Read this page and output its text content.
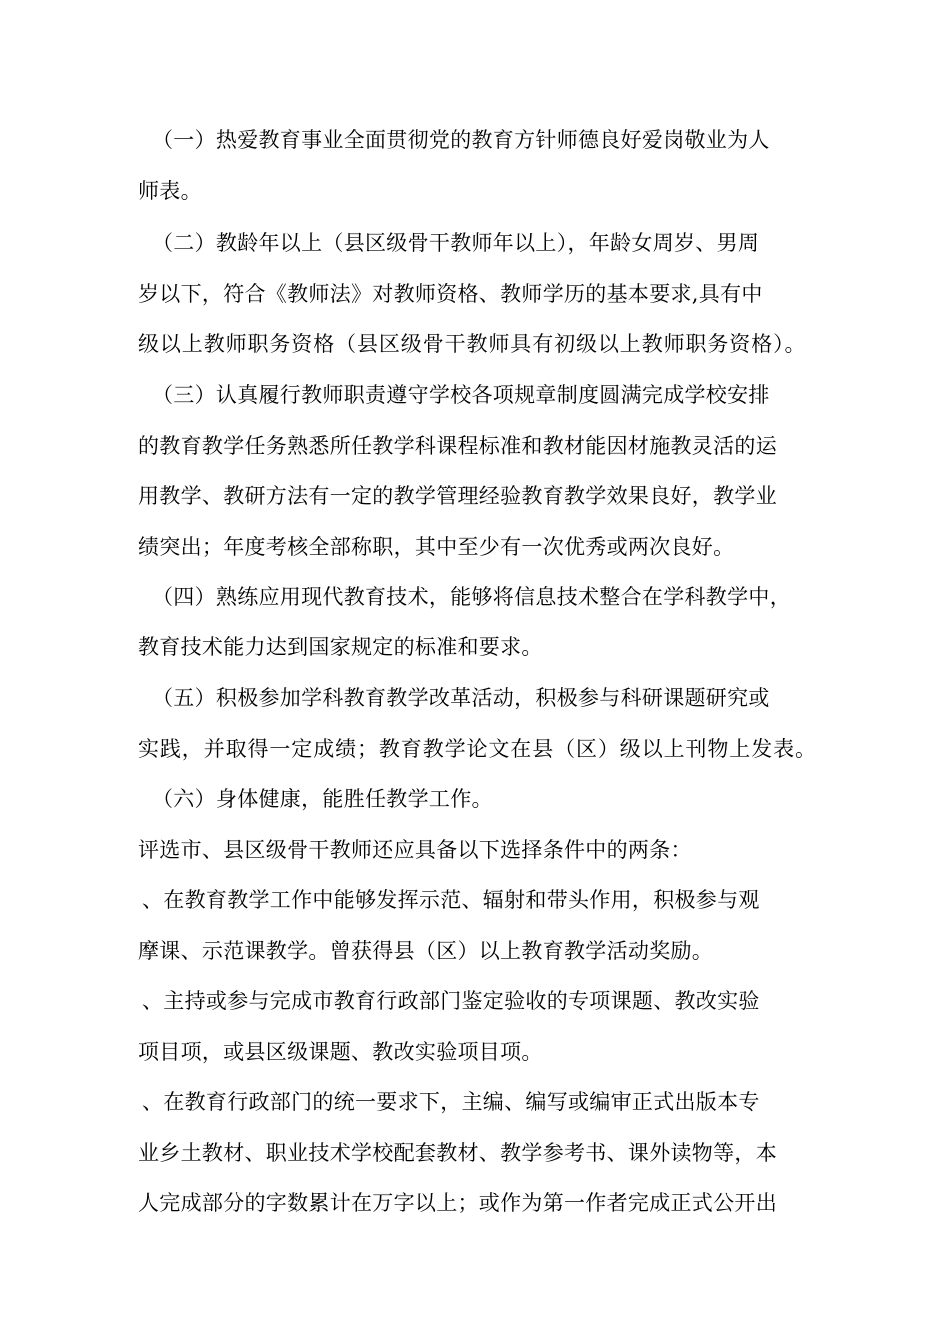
（一）热爱教育事业全面贯彻党的教育方针师德良好爱岗敬业为人
师表。
（二）教龄年以上（县区级骨干教师年以上），年龄女周岁、男周
岁以下，符合《教师法》对教师资格、教师学历的基本要求,具有中
级以上教师职务资格（县区级骨干教师具有初级以上教师职务资格）。
（三）认真履行教师职责遵守学校各项规章制度圆满完成学校安排
的教育教学任务熟悉所任教学科课程标准和教材能因材施教灵活的运
用教学、教研方法有一定的教学管理经验教育教学效果良好，教学业
绩突出；年度考核全部称职，其中至少有一次优秀或两次良好。
（四）熟练应用现代教育技术，能够将信息技术整合在学科教学中，
教育技术能力达到国家规定的标准和要求。
（五）积极参加学科教育教学改革活动，积极参与科研课题研究或
实践，并取得一定成绩；教育教学论文在县（区）级以上刊物上发表。
（六）身体健康，能胜任教学工作。
评选市、县区级骨干教师还应具备以下选择条件中的两条：
、在教育教学工作中能够发挥示范、辐射和带头作用，积极参与观
摩课、示范课教学。曾获得县（区）以上教育教学活动奖励。
、主持或参与完成市教育行政部门鉴定验收的专项课题、教改实验
项目项，或县区级课题、教改实验项目项。
、在教育行政部门的统一要求下，主编、编写或编审正式出版本专
业乡土教材、职业技术学校配套教材、教学参考书、课外读物等，本
人完成部分的字数累计在万字以上；或作为第一作者完成正式公开出
